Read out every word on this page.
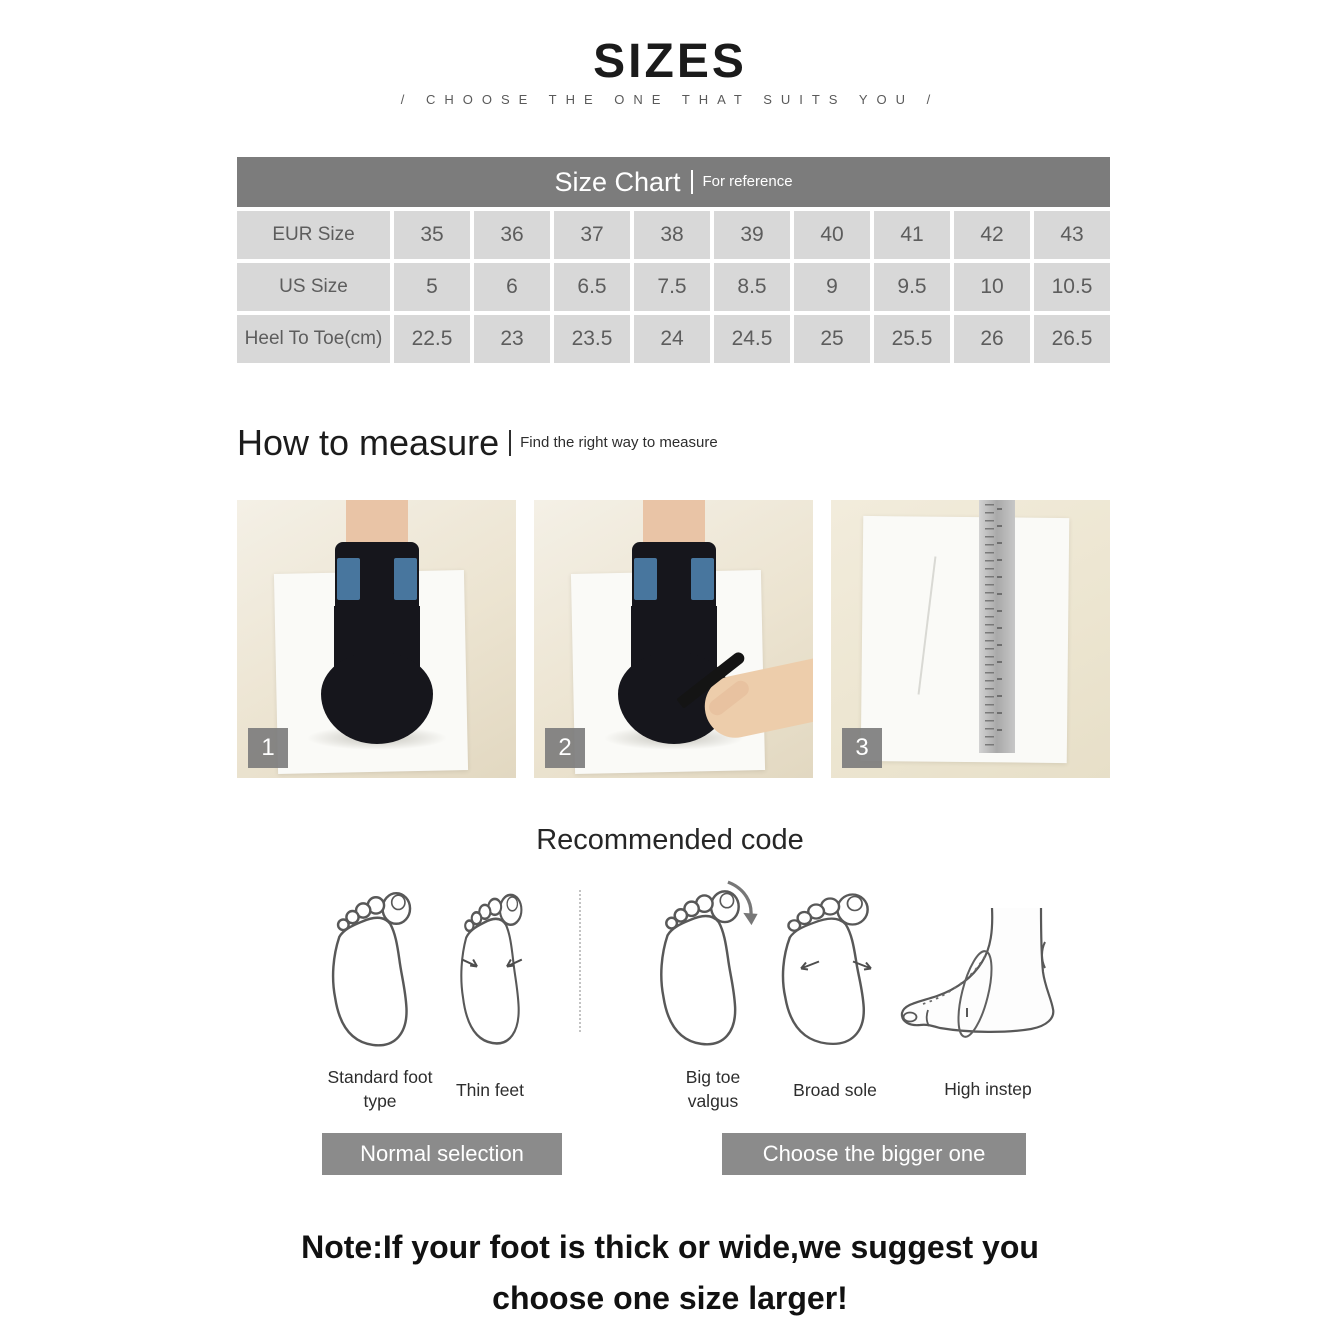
SIZES
/ CHOOSE THE ONE THAT SUITS YOU /
Size Chart	For reference
EUR Size	35	36	37	38	39	40	41	42	43
US Size	5	6	6.5	7.5	8.5	9	9.5	10	10.5
Heel To Toe(cm)	22.5	23	23.5	24	24.5	25	25.5	26	26.5
How to measure	Find the right way to measure
1	2	3
Recommended code
Standard foot type
Thin feet
Big toe valgus
Broad sole	High instep
Normal selection	Choose the bigger one
Note:If your foot is thick or wide,we suggest you
choose one size larger!
